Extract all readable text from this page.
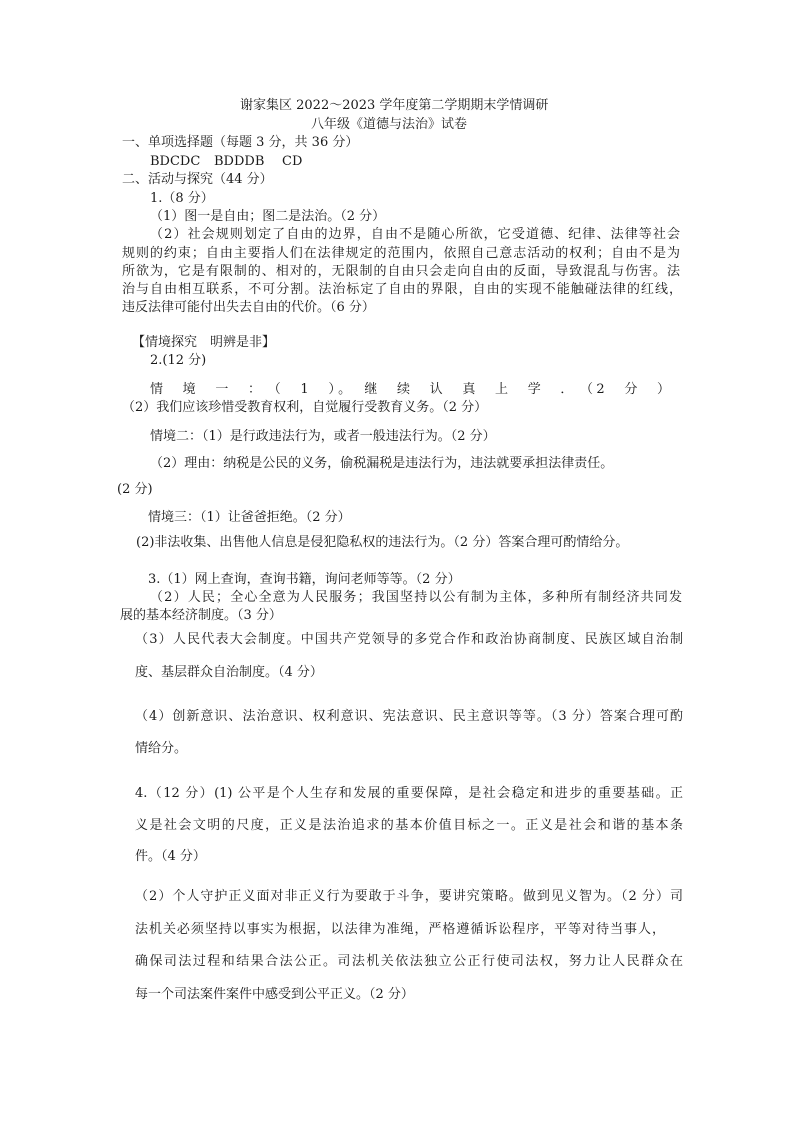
谢家集区 2022～2023 学年度第二学期期末学情调研

八年级《道德与法治》试卷

一、单项选择题（每题 3 分，共 36 分）

BDCDC BDDDB CD

二、活动与探究（44 分）

1.（8 分）

（1）图一是自由；图二是法治。（2 分）

（2）社会规则划定了自由的边界，自由不是随心所欲，它受道德、纪律、法律等社会

规则的约束；自由主要指人们在法律规定的范围内，依照自己意志活动的权利；自由不是为

所欲为，它是有限制的、相对的，无限制的自由只会走向自由的反面，导致混乱与伤害。法

治与自由相互联系，不可分割。法治标定了自由的界限，自由的实现不能触碰法律的红线，

违反法律可能付出失去自由的代价。（6 分）

【情境探究　明辨是非】

2.(12 分)

情　境　一　：　（　1　）。　继　续　认　真　上　学　．　（2　分　）

（2）我们应该珍惜受教育权利，自觉履行受教育义务。（2 分）

情境二：（1）是行政违法行为，或者一般违法行为。（2 分）

（2）理由：纳税是公民的义务，偷税漏税是违法行为，违法就要承担法律责任。

(2 分)

情境三：（1）让爸爸拒绝。（2 分）

(2)非法收集、出售他人信息是侵犯隐私权的违法行为。（2 分）答案合理可酌情给分。

3.（1）网上查询，查询书籍，询问老师等等。（2 分）

（2）人民；全心全意为人民服务；我国坚持以公有制为主体，多种所有制经济共同发

展的基本经济制度。（3 分）

（3）人民代表大会制度。中国共产党领导的多党合作和政治协商制度、民族区域自治制

度、基层群众自治制度。（4 分）

（4）创新意识、法治意识、权利意识、宪法意识、民主意识等等。（3 分）答案合理可酌

情给分。

4.（12 分）(1) 公平是个人生存和发展的重要保障，是社会稳定和进步的重要基础。正

义是社会文明的尺度，正义是法治追求的基本价值目标之一。正义是社会和谐的基本条

件。（4 分）

（2）个人守护正义面对非正义行为要敢于斗争，要讲究策略。做到见义智为。（2 分）司

法机关必须坚持以事实为根据，以法律为准绳，严格遵循诉讼程序，平等对待当事人，

确保司法过程和结果合法公正。司法机关依法独立公正行使司法权，努力让人民群众在

每一个司法案件案件中感受到公平正义。（2 分）
